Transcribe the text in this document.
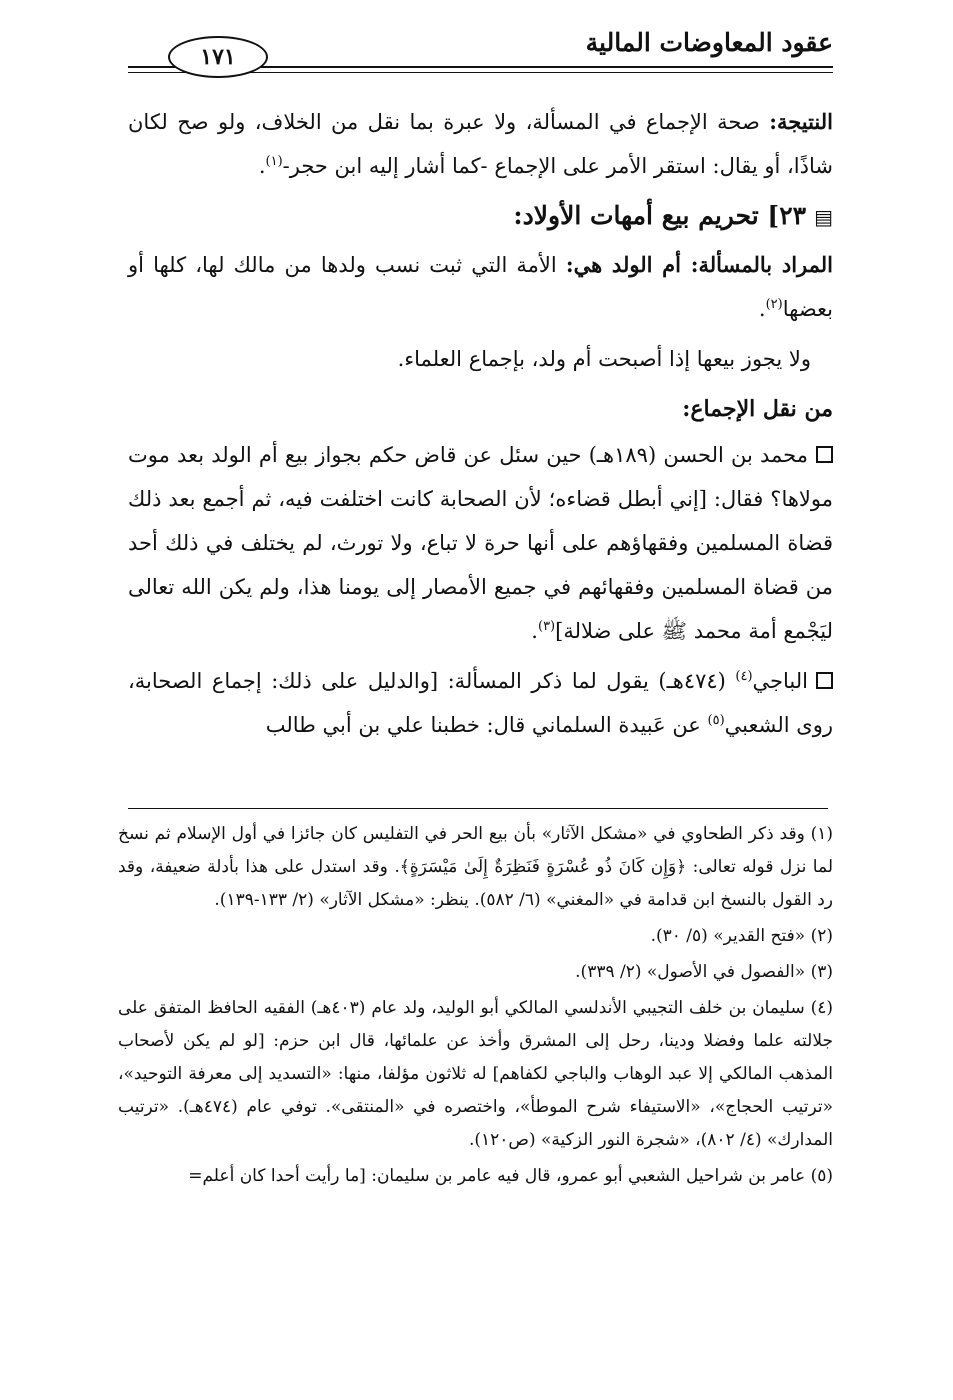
عقود المعاوضات المالية
١٧١

النتيجة: صحة الإجماع في المسألة، ولا عبرة بما نقل من الخلاف، ولو صح لكان شاذًا، أو يقال: استقر الأمر على الإجماع -كما أشار إليه ابن حجر-$^{(١)}$.

▤٢٣] تحريم بيع أمهات الأولاد:

المراد بالمسألة: أم الولد هي: الأمة التي ثبت نسب ولدها من مالك لها، كلها أو بعضها$^{(٢)}$.

ولا يجوز بيعها إذا أصبحت أم ولد، بإجماع العلماء.

من نقل الإجماع:

محمد بن الحسن (١٨٩هـ) حين سئل عن قاض حكم بجواز بيع أم الولد بعد موت مولاها؟ فقال: [إني أبطل قضاءه؛ لأن الصحابة كانت اختلفت فيه، ثم أجمع بعد ذلك قضاة المسلمين وفقهاؤهم على أنها حرة لا تباع، ولا تورث، لم يختلف في ذلك أحد من قضاة المسلمين وفقهائهم في جميع الأمصار إلى يومنا هذا، ولم يكن الله تعالى ليَجْمع أمة محمد ﷺ على ضلالة]$^{(٣)}$.

الباجي$^{(٤)}$ (٤٧٤هـ) يقول لما ذكر المسألة: [والدليل على ذلك: إجماع الصحابة، روى الشعبي$^{(٥)}$ عن عَبيدة السلماني قال: خطبنا علي بن أبي طالب

(١) وقد ذكر الطحاوي في «مشكل الآثار» بأن بيع الحر في التفليس كان جائزا في أول الإسلام ثم نسخ لما نزل قوله تعالى: ﴿وَإِن كَانَ ذُو عُسْرَةٍ فَنَظِرَةٌ إِلَىٰ مَيْسَرَةٍ﴾. وقد استدل على هذا بأدلة ضعيفة، وقد رد القول بالنسخ ابن قدامة في «المغني» (٦/ ٥٨٢). ينظر: «مشكل الآثار» (٢/ ١٣٣-١٣٩).

(٢) «فتح القدير» (٥/ ٣٠).

(٣) «الفصول في الأصول» (٢/ ٣٣٩).

(٤) سليمان بن خلف التجيبي الأندلسي المالكي أبو الوليد، ولد عام (٤٠٣هـ) الفقيه الحافظ المتفق على جلالته علما وفضلا ودينا، رحل إلى المشرق وأخذ عن علمائها، قال ابن حزم: [لو لم يكن لأصحاب المذهب المالكي إلا عبد الوهاب والباجي لكفاهم] له ثلاثون مؤلفا، منها: «التسديد إلى معرفة التوحيد»، «ترتيب الحجاج»، «الاستيفاء شرح الموطأ»، واختصره في «المنتقى». توفي عام (٤٧٤هـ). «ترتيب المدارك» (٤/ ٨٠٢)، «شجرة النور الزكية» (ص١٢٠).

(٥) عامر بن شراحيل الشعبي أبو عمرو، قال فيه عامر بن سليمان: [ما رأيت أحدا كان أعلم=
